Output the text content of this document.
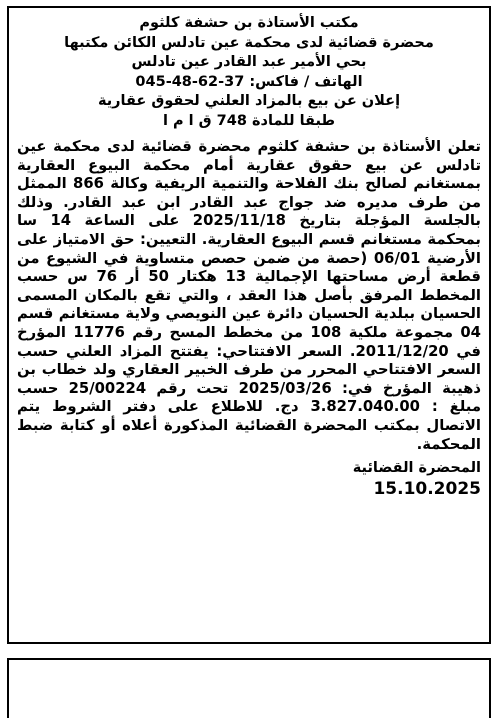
مكتب الأستاذة بن حشفة كلثوم
محضرة قضائية لدى محكمة عين تادلس الكائن مكتبها
بحي الأمير عبد القادر عين تادلس
الهاتف / فاكس: 045-48-62-37
إعلان عن بيع بالمزاد العلني لحقوق عقارية
طبقا للمادة 748 ق ا م ا
تعلن الأستاذة بن حشفة كلثوم محضرة قضائية لدى محكمة عين تادلس عن بيع حقوق عقارية أمام محكمة البيوع العقارية بمستغانم لصالح بنك الفلاحة والتنمية الريفية وكالة 866 الممثل من طرف مديره ضد جواج عبد القادر ابن عبد القادر. وذلك بالجلسة المؤجلة بتاريخ 2025/11/18 على الساعة 14 سا بمحكمة مستغانم قسم البيوع العقارية. التعيين: حق الامتياز على الأرضية 06/01 (حصة من ضمن حصص متساوية في الشيوع من قطعة أرض مساحتها الإجمالية 13 هكتار 50 أر 76 س حسب المخطط المرفق بأصل هذا العقد ، والتي تقع بالمكان المسمى الحسيان ببلدية الحسيان دائرة عين النويصي ولاية مستغانم قسم 04 مجموعة ملكية 108 من مخطط المسح رقم 11776 المؤرخ في 2011/12/20. السعر الافتتاحي: يفتتح المزاد العلني حسب السعر الافتتاحي المحرر من طرف الخبير العقاري ولد خطاب بن ذهيبة المؤرخ في: 2025/03/26 تحت رقم 25/00224 حسب مبلغ : 3.827.040.00 دج. للاطلاع على دفتر الشروط يتم الاتصال بمكتب المحضرة القضائية المذكورة أعلاه أو كتابة ضبط المحكمة.
المحضرة القضائية
15.10.2025
